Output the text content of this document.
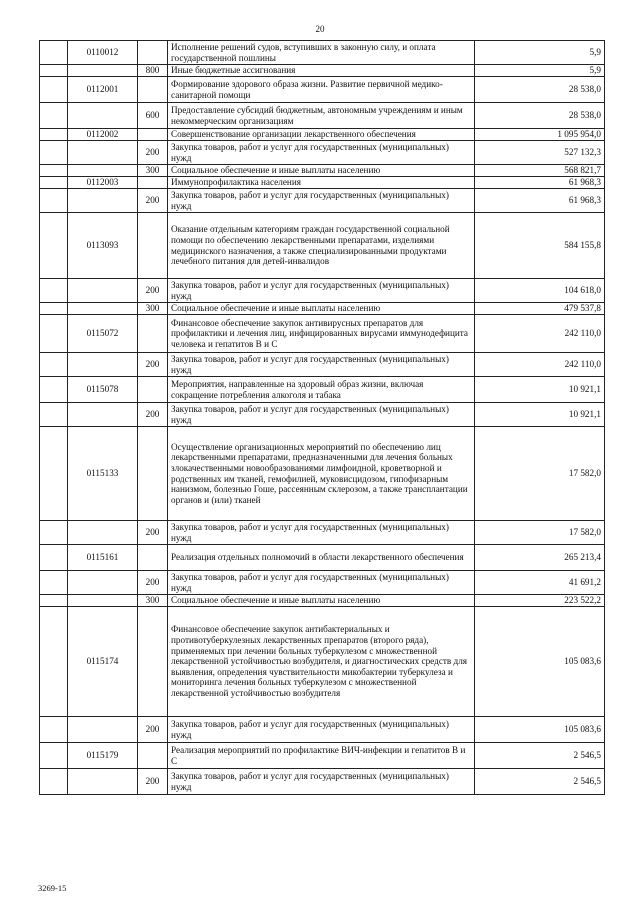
20
	0110012		Исполнение решений судов, вступивших в законную силу, и оплата государственной пошлины	5,9
		800	Иные бюджетные ассигнования	5,9
	0112001		Формирование здорового образа жизни. Развитие первичной медико-санитарной помощи	28 538,0
		600	Предоставление субсидий бюджетным, автономным учреждениям и иным некоммерческим организациям	28 538,0
	0112002		Совершенствование организации лекарственного обеспечения	1 095 954,0
		200	Закупка товаров, работ и услуг для государственных (муниципальных) нужд	527 132,3
		300	Социальное обеспечение и иные выплаты населению	568 821,7
	0112003		Иммунопрофилактика населения	61 968,3
		200	Закупка товаров, работ и услуг для государственных (муниципальных) нужд	61 968,3
	0113093		Оказание отдельным категориям граждан государственной социальной помощи по обеспечению лекарственными препаратами, изделиями медицинского назначения, а также специализированными продуктами лечебного питания для детей-инвалидов	584 155,8
		200	Закупка товаров, работ и услуг для государственных (муниципальных) нужд	104 618,0
		300	Социальное обеспечение и иные выплаты населению	479 537,8
	0115072		Финансовое обеспечение закупок антивирусных препаратов для профилактики и лечения лиц, инфицированных вирусами иммунодефицита человека и гепатитов В и С	242 110,0
		200	Закупка товаров, работ и услуг для государственных (муниципальных) нужд	242 110,0
	0115078		Мероприятия, направленные на здоровый образ жизни, включая сокращение потребления алкоголя и табака	10 921,1
		200	Закупка товаров, работ и услуг для государственных (муниципальных) нужд	10 921,1
	0115133		Осуществление организационных мероприятий по обеспечению лиц лекарственными препаратами, предназначенными для лечения больных злокачественными новообразованиями лимфоидной, кроветворной и родственных им тканей, гемофилией, муковисцидозом, гипофизарным нанизмом, болезнью Гоше, рассеянным склерозом, а также трансплантации органов и (или) тканей	17 582,0
		200	Закупка товаров, работ и услуг для государственных (муниципальных) нужд	17 582,0
	0115161		Реализация отдельных полномочий в области лекарственного обеспечения	265 213,4
		200	Закупка товаров, работ и услуг для государственных (муниципальных) нужд	41 691,2
		300	Социальное обеспечение и иные выплаты населению	223 522,2
	0115174		Финансовое обеспечение закупок антибактериальных и противотуберкулезных лекарственных препаратов (второго ряда), применяемых при лечении больных туберкулезом с множественной лекарственной устойчивостью возбудителя, и диагностических средств для выявления, определения чувствительности микобактерии туберкулеза и мониторинга лечения больных туберкулезом с множественной лекарственной устойчивостью возбудителя	105 083,6
		200	Закупка товаров, работ и услуг для государственных (муниципальных) нужд	105 083,6
	0115179		Реализация мероприятий по профилактике ВИЧ-инфекции и гепатитов В и С	2 546,5
		200	Закупка товаров, работ и услуг для государственных (муниципальных) нужд	2 546,5
3269-15
